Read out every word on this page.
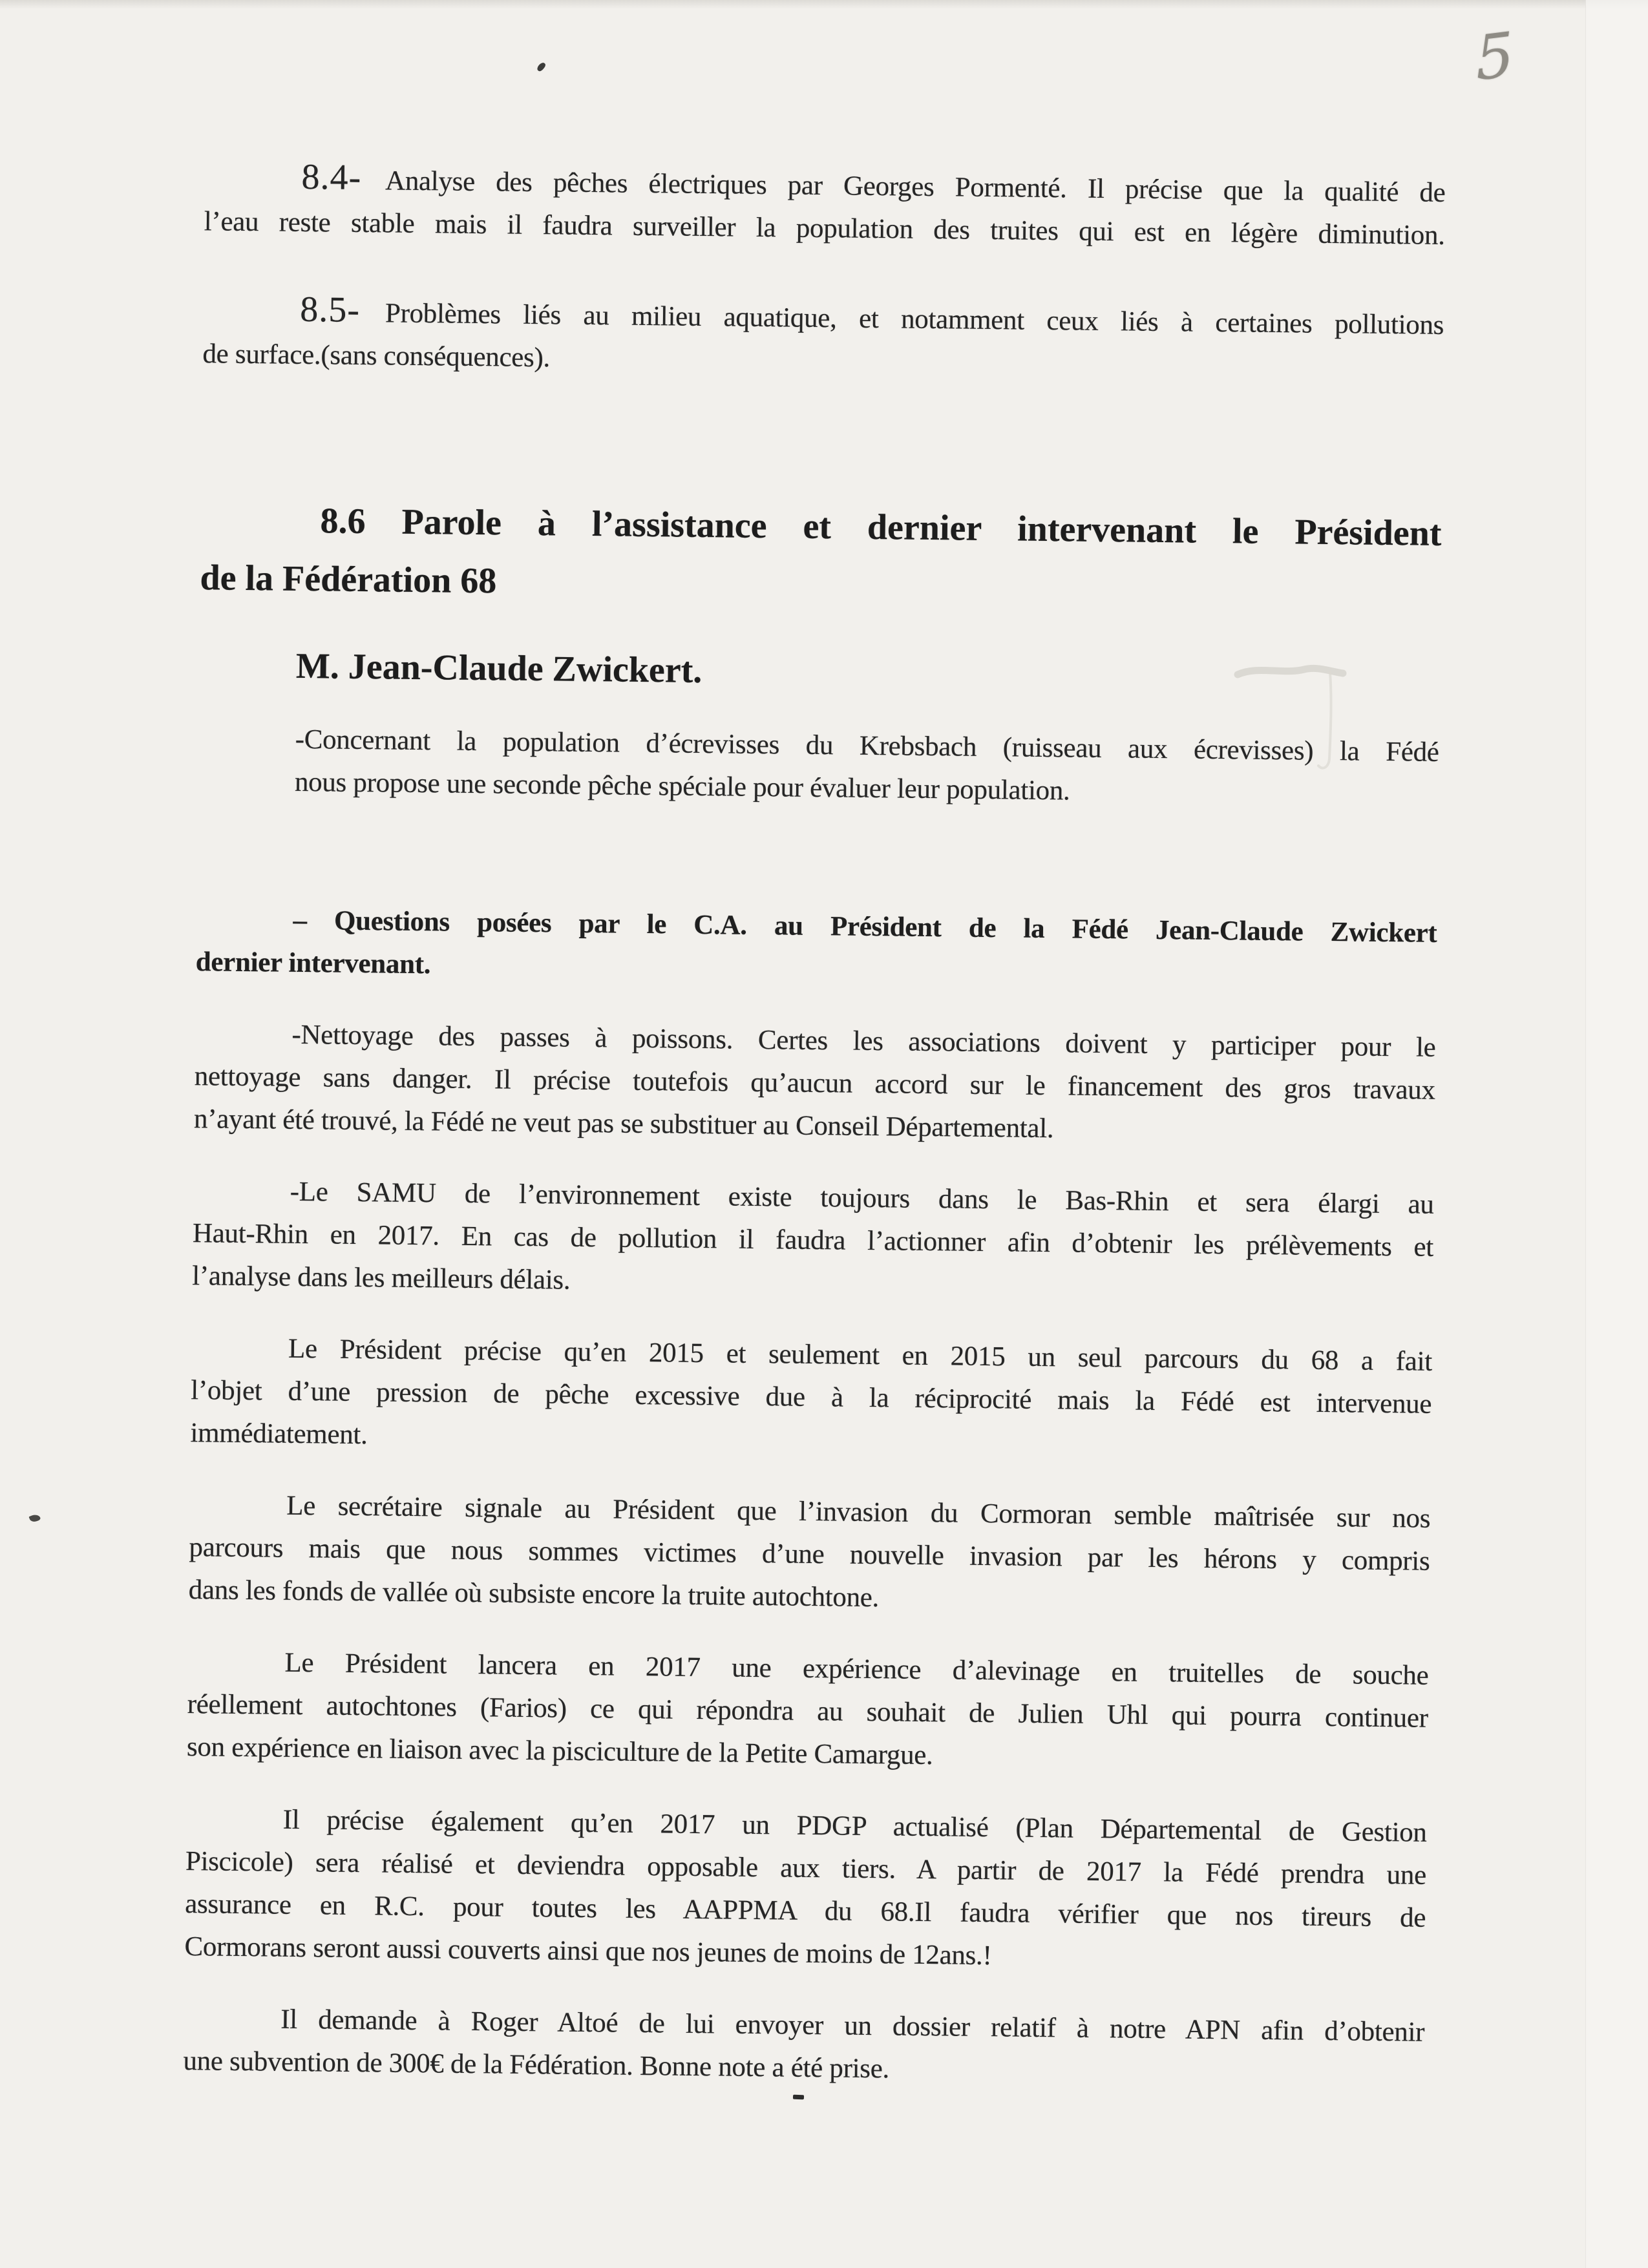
5
8.4- Analyse des pêches électriques par Georges Pormenté. Il précise que la qualité de
l’eau reste stable mais il faudra surveiller la population des truites qui est en légère diminution.
8.5- Problèmes liés au milieu aquatique, et notamment ceux liés à certaines pollutions
de surface.(sans conséquences).
8.6 Parole à l’assistance et dernier intervenant le Président
de la Fédération 68
M. Jean-Claude Zwickert.
-Concernant la population d’écrevisses du Krebsbach (ruisseau aux écrevisses) la Fédé
nous propose une seconde pêche spéciale pour évaluer leur population.
– Questions posées par le C.A. au Président de la Fédé Jean-Claude Zwickert
dernier intervenant.
-Nettoyage des passes à poissons. Certes les associations doivent y participer pour le
nettoyage sans danger. Il précise toutefois qu’aucun accord sur le financement des gros travaux
n’ayant été trouvé, la Fédé ne veut pas se substituer au Conseil Départemental.
-Le SAMU de l’environnement existe toujours dans le Bas-Rhin et sera élargi au
Haut-Rhin en 2017. En cas de pollution il faudra l’actionner afin d’obtenir les prélèvements et
l’analyse dans les meilleurs délais.
Le Président précise qu’en 2015 et seulement en 2015 un seul parcours du 68 a fait
l’objet d’une pression de pêche excessive due à la réciprocité mais la Fédé est intervenue
immédiatement.
Le secrétaire signale au Président que l’invasion du Cormoran semble maîtrisée sur nos
parcours mais que nous sommes victimes d’une nouvelle invasion par les hérons y compris
dans les fonds de vallée où subsiste encore la truite autochtone.
Le Président lancera en 2017 une expérience d’alevinage en truitelles de souche
réellement autochtones (Farios) ce qui répondra au souhait de Julien Uhl qui pourra continuer
son expérience en liaison avec la pisciculture de la Petite Camargue.
Il précise également qu’en 2017 un PDGP actualisé (Plan Départemental de Gestion
Piscicole) sera réalisé et deviendra opposable aux tiers. A partir de 2017 la Fédé prendra une
assurance en R.C. pour toutes les AAPPMA du 68.Il faudra vérifier que nos tireurs de
Cormorans seront aussi couverts ainsi que nos jeunes de moins de 12ans.!
Il demande à Roger Altoé de lui envoyer un dossier relatif à notre APN afin d’obtenir
une subvention de 300€ de la Fédération. Bonne note a été prise.
